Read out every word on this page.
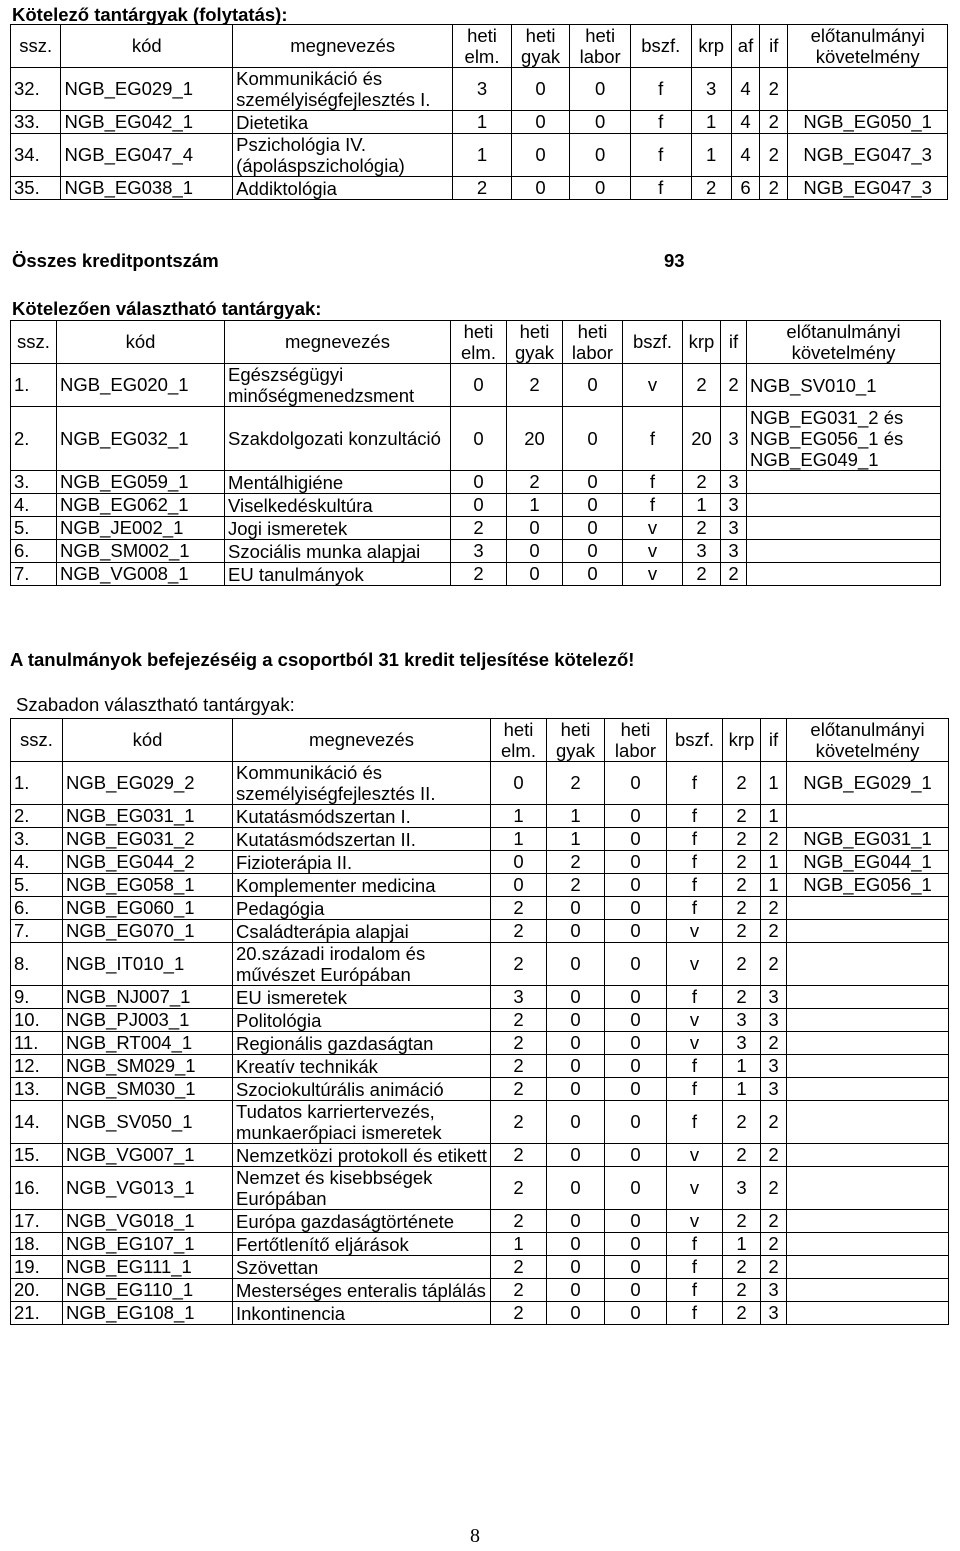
Kötelező tantárgyak (folytatás):
ssz.	kód	megnevezés	heti elm.	heti gyak	heti labor	bszf.	krp	af	if	előtanulmányi követelmény
32.	NGB_EG029_1	Kommunikáció és személyiségfejlesztés I.	3	0	0	f	3	4	2	
33.	NGB_EG042_1	Dietetika	1	0	0	f	1	4	2	NGB_EG050_1
34.	NGB_EG047_4	Pszichológia IV. (ápoláspszichológia)	1	0	0	f	1	4	2	NGB_EG047_3
35.	NGB_EG038_1	Addiktológia	2	0	0	f	2	6	2	NGB_EG047_3
Összes kreditpontszám	93
Kötelezően választható tantárgyak:
ssz.	kód	megnevezés	heti elm.	heti gyak	heti labor	bszf.	krp	if	előtanulmányi követelmény
1.	NGB_EG020_1	Egészségügyi minőségmenedzsment	0	2	0	v	2	2	NGB_SV010_1
2.	NGB_EG032_1	Szakdolgozati konzultáció	0	20	0	f	20	3	NGB_EG031_2 és NGB_EG056_1 és NGB_EG049_1
3.	NGB_EG059_1	Mentálhigiéne	0	2	0	f	2	3	
4.	NGB_EG062_1	Viselkedéskultúra	0	1	0	f	1	3	
5.	NGB_JE002_1	Jogi ismeretek	2	0	0	v	2	3	
6.	NGB_SM002_1	Szociális munka alapjai	3	0	0	v	3	3	
7.	NGB_VG008_1	EU tanulmányok	2	0	0	v	2	2	
A tanulmányok befejezéséig a csoportból 31 kredit teljesítése kötelező!
Szabadon választható tantárgyak:
ssz.	kód	megnevezés	heti elm.	heti gyak	heti labor	bszf.	krp	if	előtanulmányi követelmény
1.	NGB_EG029_2	Kommunikáció és személyiségfejlesztés II.	0	2	0	f	2	1	NGB_EG029_1
2.	NGB_EG031_1	Kutatásmódszertan I.	1	1	0	f	2	1	
3.	NGB_EG031_2	Kutatásmódszertan II.	1	1	0	f	2	2	NGB_EG031_1
4.	NGB_EG044_2	Fizioterápia II.	0	2	0	f	2	1	NGB_EG044_1
5.	NGB_EG058_1	Komplementer medicina	0	2	0	f	2	1	NGB_EG056_1
6.	NGB_EG060_1	Pedagógia	2	0	0	f	2	2	
7.	NGB_EG070_1	Családterápia alapjai	2	0	0	v	2	2	
8.	NGB_IT010_1	20.századi irodalom és művészet Európában	2	0	0	v	2	2	
9.	NGB_NJ007_1	EU ismeretek	3	0	0	f	2	3	
10.	NGB_PJ003_1	Politológia	2	0	0	v	3	3	
11.	NGB_RT004_1	Regionális gazdaságtan	2	0	0	v	3	2	
12.	NGB_SM029_1	Kreatív technikák	2	0	0	f	1	3	
13.	NGB_SM030_1	Szociokultúrális animáció	2	0	0	f	1	3	
14.	NGB_SV050_1	Tudatos karriertervezés, munkaerőpiaci ismeretek	2	0	0	f	2	2	
15.	NGB_VG007_1	Nemzetközi protokoll és etikett	2	0	0	v	2	2	
16.	NGB_VG013_1	Nemzet és kisebbségek Európában	2	0	0	v	3	2	
17.	NGB_VG018_1	Európa gazdaságtörténete	2	0	0	v	2	2	
18.	NGB_EG107_1	Fertőtlenítő eljárások	1	0	0	f	1	2	
19.	NGB_EG111_1	Szövettan	2	0	0	f	2	2	
20.	NGB_EG110_1	Mesterséges enteralis táplálás	2	0	0	f	2	3	
21.	NGB_EG108_1	Inkontinencia	2	0	0	f	2	3	
8
